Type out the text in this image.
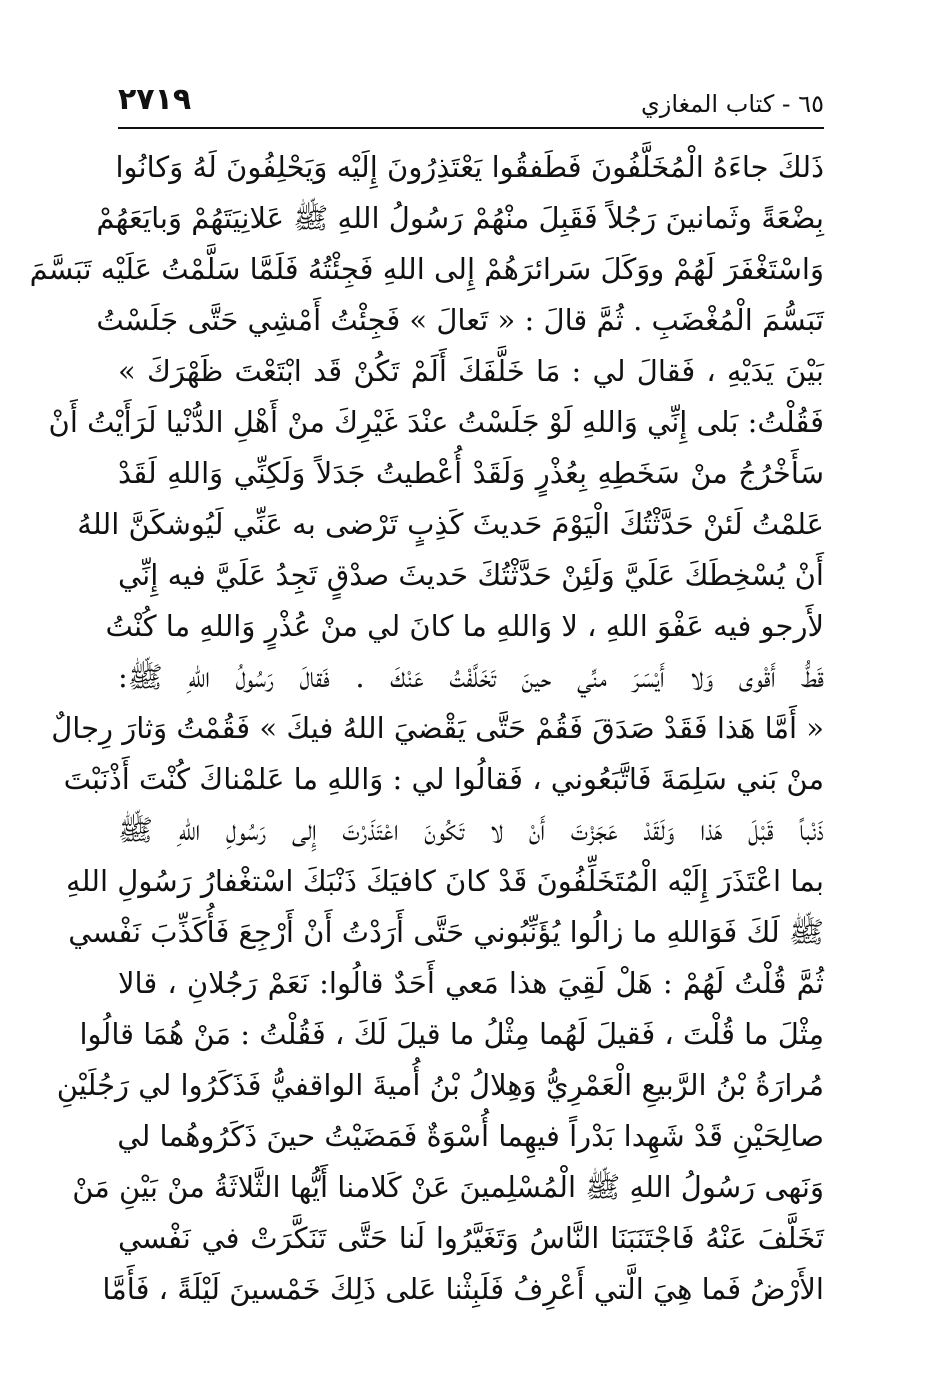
٦٥ - كتاب المغازي
٢٧١٩
ذَلكَ جاءَهُ الْمُخَلَّفُونَ فَطَفقُوا يَعْتَذِرُونَ إِلَيْه وَيَحْلِفُونَ لَهُ وَكانُوا
بِضْعَةً وثَمانينَ رَجُلاً فَقَبِلَ منْهُمْ رَسُولُ اللهِ ﷺ عَلانِيَتَهُمْ وَبايَعَهُمْ
وَاسْتَغْفَرَ لَهُمْ ووَكَلَ سَرائرَهُمْ إِلى اللهِ فَجِئْتُهُ فَلَمَّا سَلَّمْتُ عَلَيْه تَبَسَّمَ
تَبَسُّمَ الْمُغْضَبِ . ثُمَّ قالَ : « تَعالَ » فَجِئْتُ أَمْشِي حَتَّى جَلَسْتُ
بَيْنَ يَدَيْهِ ، فَقالَ لي : مَا خَلَّفَكَ أَلَمْ تَكُنْ قَد ابْتَعْتَ ظَهْرَكَ »
فَقُلْتُ: بَلى إِنِّي وَاللهِ لَوْ جَلَسْتُ عنْدَ غَيْرِكَ منْ أَهْلِ الدُّنْيا لَرَأَيْتُ أَنْ
سَأَخْرُجُ منْ سَخَطِهِ بِعُذْرٍ وَلَقَدْ أُعْطيتُ جَدَلاً وَلَكِنِّي وَاللهِ لَقَدْ
عَلمْتُ لَئنْ حَدَّثْتُكَ الْيَوْمَ حَديثَ كَذِبٍ تَرْضى به عَنِّي لَيُوشكَنَّ اللهُ
أَنْ يُسْخِطَكَ عَلَيَّ وَلَئِنْ حَدَّثْتُكَ حَديثَ صدْقٍ تَجِدُ عَلَيَّ فيه إِنِّي
لأَرجو فيه عَفْوَ اللهِ ، لا وَاللهِ ما كانَ لي منْ عُذْرٍ وَاللهِ ما كُنْتُ
قَطُّ أَقْوى وَلا أَيْسَرَ منِّي حينَ تَخَلَّفْتُ عَنْكَ . فَقالَ رَسُولُ اللهِ ﷺ:
« أَمَّا هَذا فَقَدْ صَدَقَ فَقُمْ حَتَّى يَقْضيَ اللهُ فيكَ » فَقُمْتُ وَثارَ رِجالٌ
منْ بَني سَلِمَةَ فَاتَّبَعُوني ، فَقالُوا لي : وَاللهِ ما عَلمْناكَ كُنْتَ أَذْنَبْتَ
ذَنْباً قَبْلَ هَذا وَلَقَدْ عَجَزْتَ أَنْ لا تَكُونَ اعْتَذَرْتَ إِلى رَسُولِ اللهِ ﷺ
بما اعْتَذَرَ إِلَيْه الْمُتَخَلِّفُونَ قَدْ كانَ كافيَكَ ذَنْبَكَ اسْتغْفارُ رَسُولِ اللهِ
ﷺ لَكَ فَوَاللهِ ما زالُوا يُؤَنِّبُوني حَتَّى أَرَدْتُ أَنْ أَرْجِعَ فَأُكَذِّبَ نَفْسي
ثُمَّ قُلْتُ لَهُمْ : هَلْ لَقِيَ هذا مَعي أَحَدٌ قالُوا: نَعَمْ رَجُلانِ ، قالا
مِثْلَ ما قُلْتَ ، فَقيلَ لَهُما مِثْلُ ما قيلَ لَكَ ، فَقُلْتُ : مَنْ هُمَا قالُوا
مُرارَةُ بْنُ الرَّبيعِ الْعَمْرِيُّ وَهِلالُ بْنُ أُميةَ الواقفيُّ فَذَكَرُوا لي رَجُلَيْنِ
صالِحَيْنِ قَدْ شَهِدا بَدْراً فيهِما أُسْوَةٌ فَمَضَيْتُ حينَ ذَكَرُوهُما لي
وَنَهى رَسُولُ اللهِ ﷺ الْمُسْلِمينَ عَنْ كَلامنا أَيُّها الثَّلاثَةُ منْ بَيْنِ مَنْ
تَخَلَّفَ عَنْهُ فَاجْتَنَبَنَا النَّاسُ وَتَغَيَّرُوا لَنا حَتَّى تَنَكَّرَتْ في نَفْسي
الأَرْضُ فَما هِيَ الَّتي أَعْرِفُ فَلَبِثْنا عَلى ذَلِكَ خَمْسينَ لَيْلَةً ، فَأَمَّا
